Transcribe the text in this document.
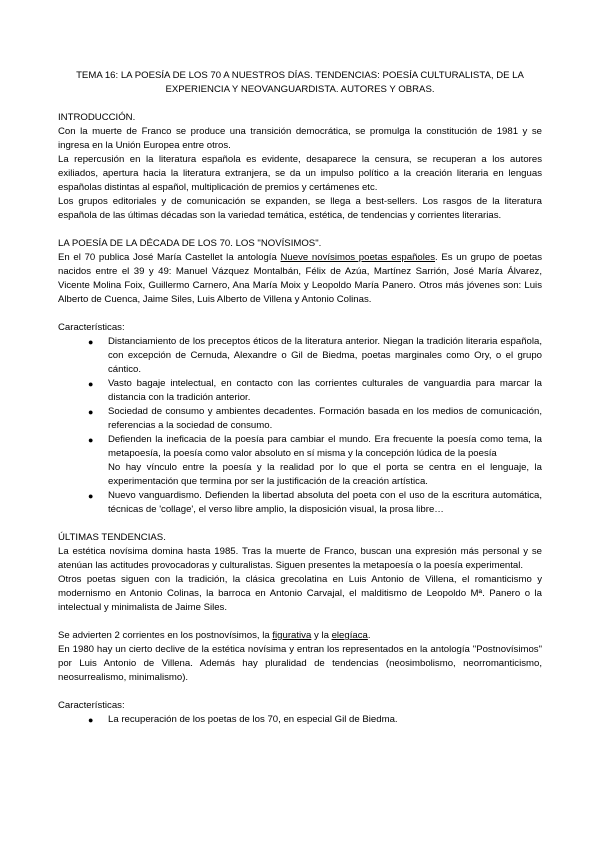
TEMA 16: LA POESÍA DE LOS 70 A NUESTROS DÍAS. TENDENCIAS: POESÍA CULTURALISTA, DE LA EXPERIENCIA Y NEOVANGUARDISTA. AUTORES Y OBRAS.

INTRODUCCIÓN.

Con la muerte de Franco se produce una transición democrática, se promulga la constitución de 1981 y se ingresa en la Unión Europea entre otros.

La repercusión en la literatura española es evidente, desaparece la censura, se recuperan a los autores exiliados, apertura hacia la literatura extranjera, se da un impulso político a la creación literaria en lenguas españolas distintas al español, multiplicación de premios y certámenes etc.

Los grupos editoriales y de comunicación se expanden, se llega a best-sellers. Los rasgos de la literatura española de las últimas décadas son la variedad temática, estética, de tendencias y corrientes literarias.

LA POESÍA DE LA DÉCADA DE LOS 70. LOS "NOVÍSIMOS".

En el 70 publica José María Castellet la antología Nueve novísimos poetas españoles. Es un grupo de poetas nacidos entre el 39 y 49: Manuel Vázquez Montalbán, Félix de Azúa, Martínez Sarrión, José María Álvarez, Vicente Molina Foix, Guillermo Carnero, Ana María Moix y Leopoldo María Panero. Otros más jóvenes son: Luis Alberto de Cuenca, Jaime Siles, Luis Alberto de Villena y Antonio Colinas.

Características:

● Distanciamiento de los preceptos éticos de la literatura anterior. Niegan la tradición literaria española, con excepción de Cernuda, Alexandre o Gil de Biedma, poetas marginales como Ory, o el grupo cántico.
● Vasto bagaje intelectual, en contacto con las corrientes culturales de vanguardia para marcar la distancia con la tradición anterior.
● Sociedad de consumo y ambientes decadentes. Formación basada en los medios de comunicación, referencias a la sociedad de consumo.
● Defienden la ineficacia de la poesía para cambiar el mundo. Era frecuente la poesía como tema, la metapoesía, la poesía como valor absoluto en sí misma y la concepción lúdica de la poesía
No hay vínculo entre la poesía y la realidad por lo que el porta se centra en el lenguaje, la experimentación que termina por ser la justificación de la creación artística.
● Nuevo vanguardismo. Defienden la libertad absoluta del poeta con el uso de la escritura automática, técnicas de 'collage', el verso libre amplio, la disposición visual, la prosa libre…

ÚLTIMAS TENDENCIAS.

La estética novísima domina hasta 1985. Tras la muerte de Franco, buscan una expresión más personal y se atenúan las actitudes provocadoras y culturalistas. Siguen presentes la metapoesía o la poesía experimental.

Otros poetas siguen con la tradición, la clásica grecolatina en Luis Antonio de Villena, el romanticismo y modernismo en Antonio Colinas, la barroca en Antonio Carvajal, el malditismo de Leopoldo Mª. Panero o la intelectual y minimalista de Jaime Siles.

Se advierten 2 corrientes en los postnovísimos, la figurativa y la elegíaca.

En 1980 hay un cierto declive de la estética novísima y entran los representados en la antología "Postnovísimos" por Luis Antonio de Villena. Además hay pluralidad de tendencias (neosimbolismo, neorromanticismo, neosurrealismo, minimalismo).

Características:

● La recuperación de los poetas de los 70, en especial Gil de Biedma.
